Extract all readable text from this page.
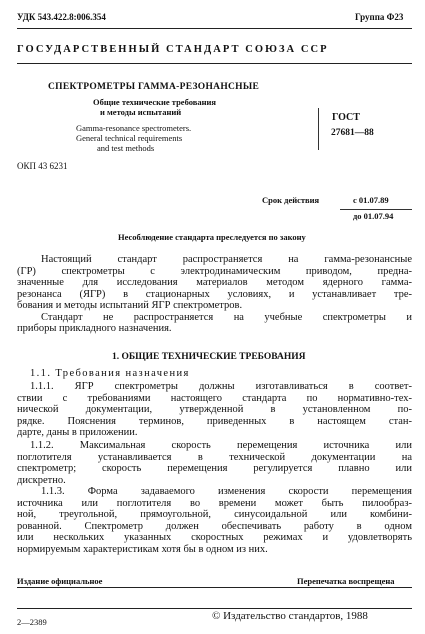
УДК 543.422.8:006.354	Группа Ф23
ГОСУДАРСТВЕННЫЙ СТАНДАРТ СОЮЗА ССР
СПЕКТРОМЕТРЫ ГАММА-РЕЗОНАНСНЫЕ
Общие технические требования
и методы испытаний
Gamma-resonance spectrometers.
General technical requirements
and test methods
ГОСТ
27681—88
ОКП 43 6231
Срок действия	с 01.07.89
до 01.07.94
Несоблюдение стандарта преследуется по закону
Настоящий стандарт распространяется на гамма-резонансные
(ГР) спектрометры с электродинамическим приводом, предна-
значенные для исследования материалов методом ядерного гамма-
резонанса (ЯГР) в стационарных условиях, и устанавливает тре-
бования и методы испытаний ЯГР спектрометров.
Стандарт не распространяется на учебные спектрометры и
приборы прикладного назначения.
1. ОБЩИЕ ТЕХНИЧЕСКИЕ ТРЕБОВАНИЯ
1.1. Требования назначения
1.1.1. ЯГР спектрометры должны изготавливаться в соответ-
ствии с требованиями настоящего стандарта по нормативно-тех-
нической документации, утвержденной в установленном по-
рядке. Пояснения терминов, приведенных в настоящем стан-
дарте, даны в приложении.
1.1.2. Максимальная скорость перемещения источника или
поглотителя устанавливается в технической документации на
спектрометр; скорость перемещения регулируется плавно или
дискретно.
1.1.3. Форма задаваемого изменения скорости перемещения
источника или поглотителя во времени может быть пилообраз-
ной, треугольной, прямоугольной, синусоидальной или комбини-
рованной. Спектрометр должен обеспечивать работу в одном
или нескольких указанных скоростных режимах и удовлетворять
нормируемым характеристикам хотя бы в одном из них.
Издание официальное	Перепечатка воспрещена
© Издательство стандартов, 1988
2—2389
